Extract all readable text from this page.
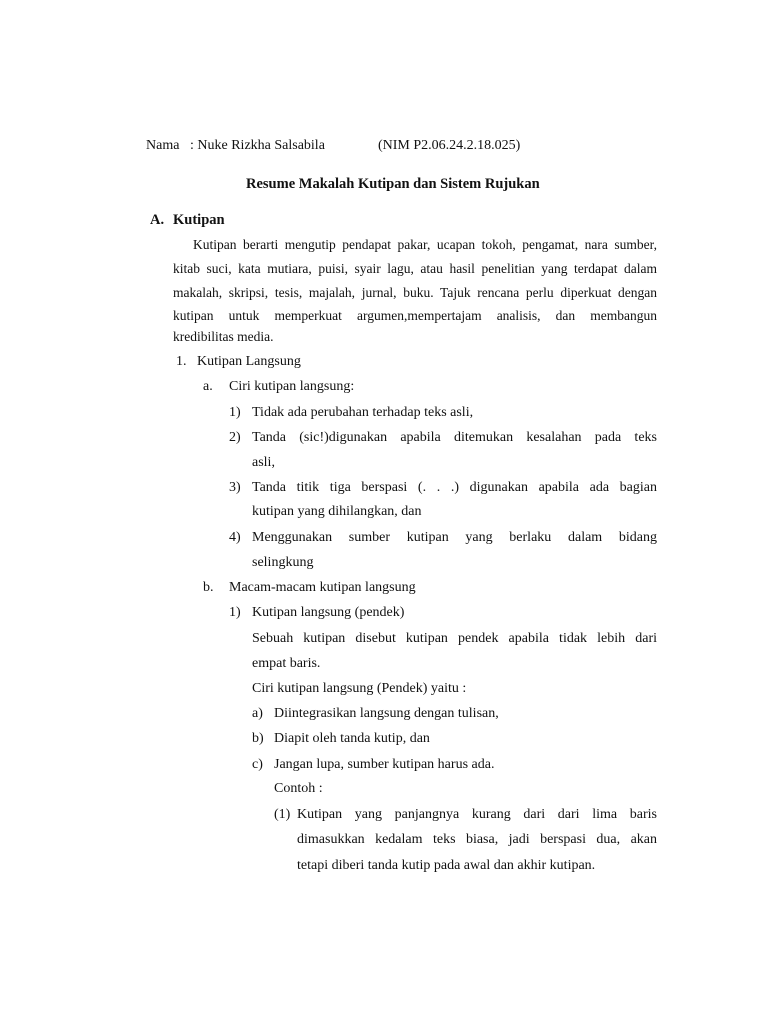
Nama : Nuke Rizkha Salsabila	(NIM P2.06.24.2.18.025)
Resume Makalah Kutipan dan Sistem Rujukan
A. Kutipan
Kutipan berarti mengutip pendapat pakar, ucapan tokoh, pengamat, nara sumber,
kitab suci, kata mutiara, puisi, syair lagu, atau hasil penelitian yang terdapat dalam
makalah, skripsi, tesis, majalah, jurnal, buku. Tajuk rencana perlu diperkuat dengan
kutipan untuk memperkuat argumen,mempertajam analisis, dan membangun
kredibilitas media.
1. Kutipan Langsung
a. Ciri kutipan langsung:
1) Tidak ada perubahan terhadap teks asli,
2) Tanda (sic!)digunakan apabila ditemukan kesalahan pada teks
asli,
3) Tanda titik tiga berspasi (. . .) digunakan apabila ada bagian
kutipan yang dihilangkan, dan
4) Menggunakan sumber kutipan yang berlaku dalam bidang
selingkung
b. Macam-macam kutipan langsung
1) Kutipan langsung (pendek)
Sebuah kutipan disebut kutipan pendek apabila tidak lebih dari
empat baris.
Ciri kutipan langsung (Pendek) yaitu :
a) Diintegrasikan langsung dengan tulisan,
b) Diapit oleh tanda kutip, dan
c) Jangan lupa, sumber kutipan harus ada.
Contoh :
(1) Kutipan yang panjangnya kurang dari dari lima baris
dimasukkan kedalam teks biasa, jadi berspasi dua, akan
tetapi diberi tanda kutip pada awal dan akhir kutipan.
